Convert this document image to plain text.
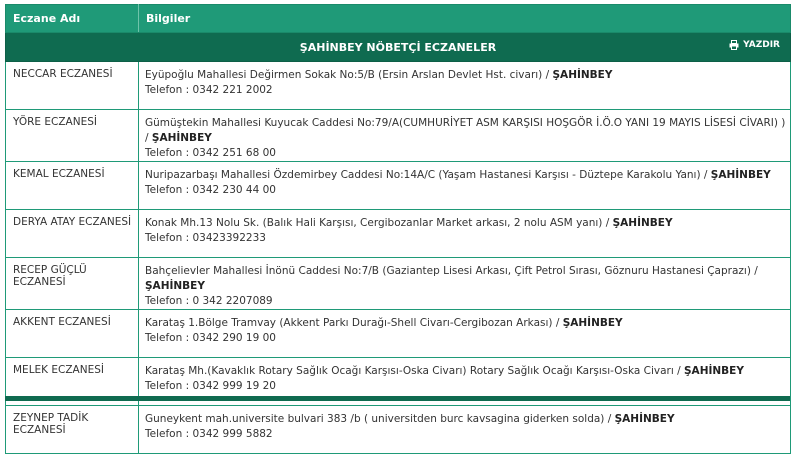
Eczane Adı	Bilgiler
ŞAHİNBEY NÖBETÇİ ECZANELER YAZDIR	

NECCAR ECZANESİ	Eyüpoğlu Mahallesi Değirmen Sokak No:5/B (Ersin Arslan Devlet Hst. civarı) / ŞAHİNBEY
Telefon : 0342 221 2002
YÖRE ECZANESİ	Gümüştekin Mahallesi Kuyucak Caddesi No:79/A(CUMHURİYET ASM KARŞISI HOŞGÖR İ.Ö.O YANI 19 MAYIS LİSESİ CİVARI) ) / ŞAHİNBEY
Telefon : 0342 251 68 00
KEMAL ECZANESİ	Nuripazarbaşı Mahallesi Özdemirbey Caddesi No:14A/C (Yaşam Hastanesi Karşısı - Düztepe Karakolu Yanı) / ŞAHİNBEY
Telefon : 0342 230 44 00
DERYA ATAY ECZANESİ	Konak Mh.13 Nolu Sk. (Balık Hali Karşısı, Cergibozanlar Market arkası, 2 nolu ASM yanı) / ŞAHİNBEY
Telefon : 03423392233
RECEP GÜÇLÜ ECZANESİ	Bahçelievler Mahallesi İnönü Caddesi No:7/B (Gaziantep Lisesi Arkası, Çift Petrol Sırası, Göznuru Hastanesi Çaprazı) / ŞAHİNBEY
Telefon : 0 342 2207089
AKKENT ECZANESİ	Karataş 1.Bölge Tramvay (Akkent Parkı Durağı-Shell Civarı-Cergibozan Arkası) / ŞAHİNBEY
Telefon : 0342 290 19 00
MELEK ECZANESİ	Karataş Mh.(Kavaklık Rotary Sağlık Ocağı Karşısı-Oska Civarı) Rotary Sağlık Ocağı Karşısı-Oska Civarı / ŞAHİNBEY
Telefon : 0342 999 19 20
ZEYNEP TADİK ECZANESİ	Guneykent mah.universite bulvari 383 /b ( universitden burc kavsagina giderken solda) / ŞAHİNBEY
Telefon : 0342 999 5882
